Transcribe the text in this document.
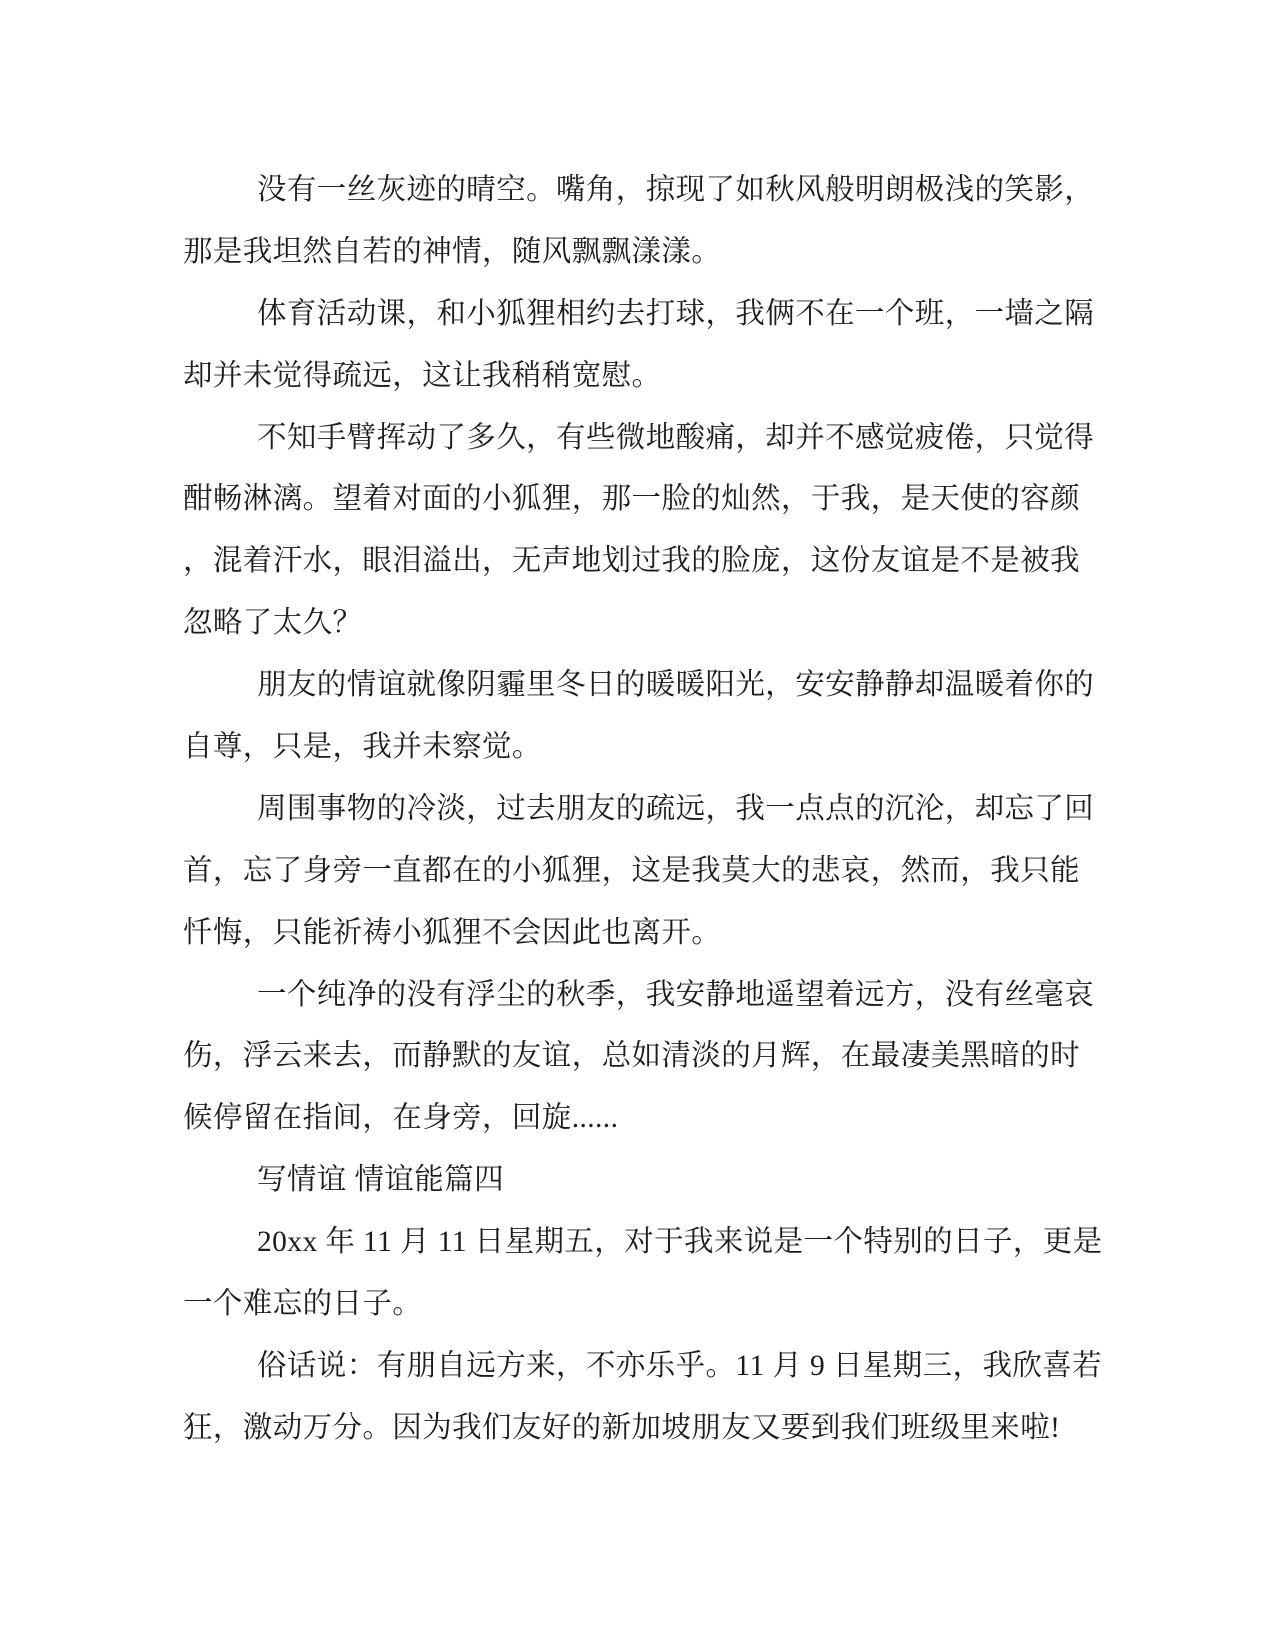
没有一丝灰迹的晴空。嘴角，掠现了如秋风般明朗极浅的笑影，
那是我坦然自若的神情，随风飘飘漾漾。
体育活动课，和小狐狸相约去打球，我俩不在一个班，一墙之隔
却并未觉得疏远，这让我稍稍宽慰。
不知手臂挥动了多久，有些微地酸痛，却并不感觉疲倦，只觉得
酣畅淋漓。望着对面的小狐狸，那一脸的灿然，于我，是天使的容颜
，混着汗水，眼泪溢出，无声地划过我的脸庞，这份友谊是不是被我
忽略了太久？
朋友的情谊就像阴霾里冬日的暖暖阳光，安安静静却温暖着你的
自尊，只是，我并未察觉。
周围事物的冷淡，过去朋友的疏远，我一点点的沉沦，却忘了回
首，忘了身旁一直都在的小狐狸，这是我莫大的悲哀，然而，我只能
忏悔，只能祈祷小狐狸不会因此也离开。
一个纯净的没有浮尘的秋季，我安静地遥望着远方，没有丝毫哀
伤，浮云来去，而静默的友谊，总如清淡的月辉，在最凄美黑暗的时
候停留在指间，在身旁，回旋......
写情谊 情谊能篇四
20xx 年 11 月 11 日星期五，对于我来说是一个特别的日子，更是
一个难忘的日子。
俗话说：有朋自远方来，不亦乐乎。11 月 9 日星期三，我欣喜若
狂，激动万分。因为我们友好的新加坡朋友又要到我们班级里来啦!
